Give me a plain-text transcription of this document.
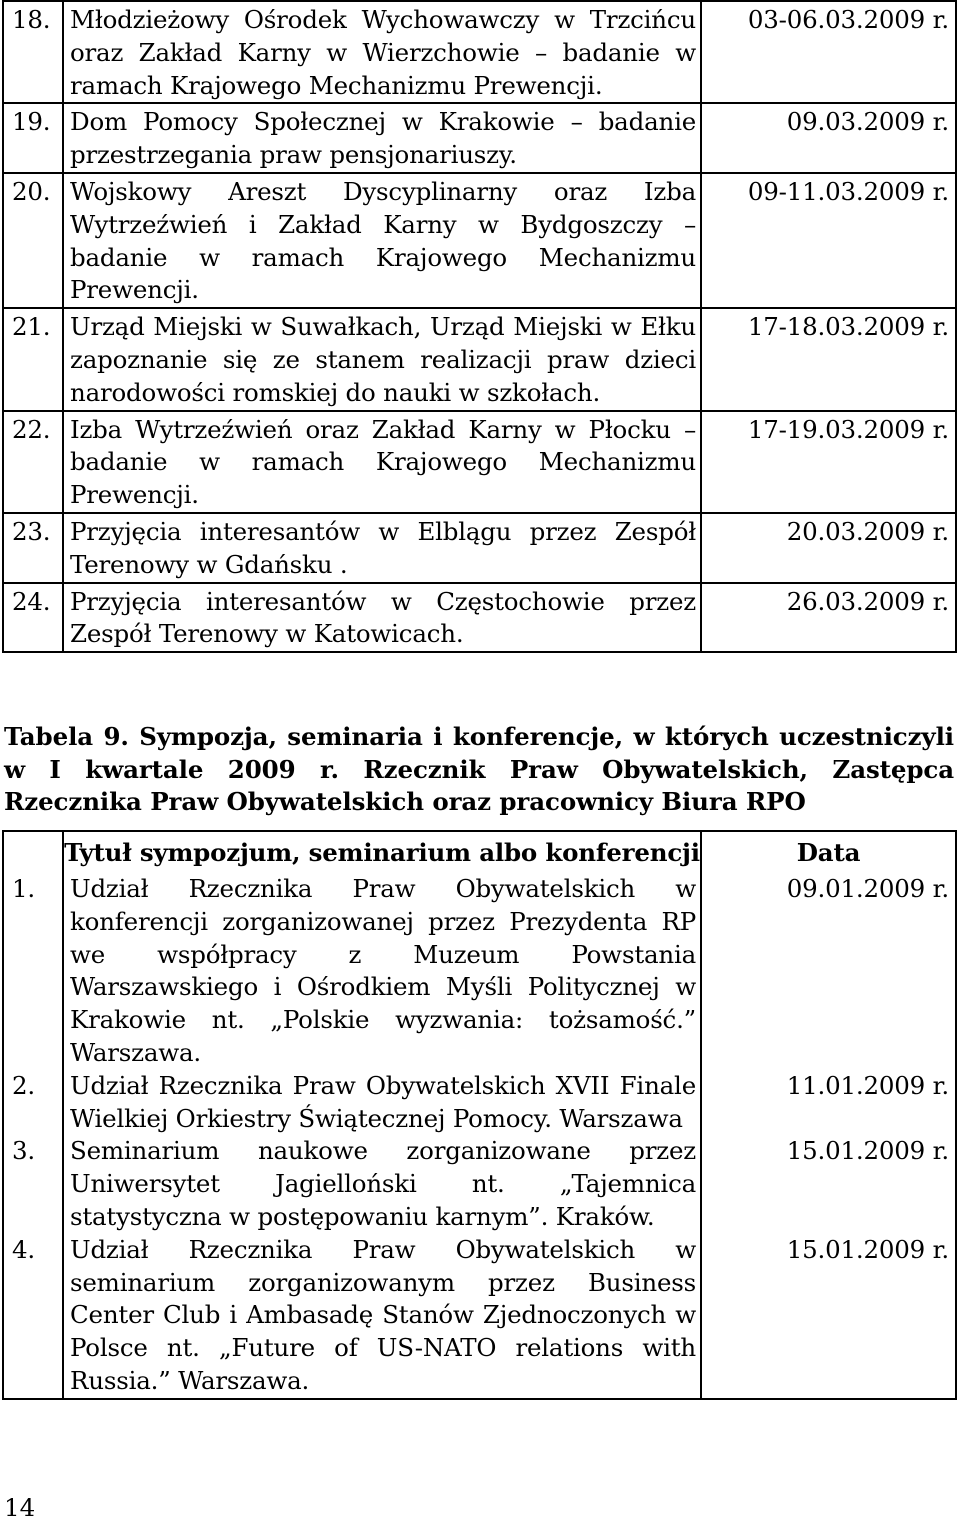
18.	Młodzieżowy Ośrodek Wychowawczy w Trzcińcu oraz Zakład Karny w Wierzchowie – badanie w ramach Krajowego Mechanizmu Prewencji.	03-06.03.2009 r.
19.	Dom Pomocy Społecznej w Krakowie – badanie przestrzegania praw pensjonariuszy.	09.03.2009 r.
20.	Wojskowy Areszt Dyscyplinarny oraz Izba Wytrzeźwień i Zakład Karny w Bydgoszczy – badanie w ramach Krajowego Mechanizmu Prewencji.	09-11.03.2009 r.
21.	Urząd Miejski w Suwałkach, Urząd Miejski w Ełku zapoznanie się ze stanem realizacji praw dzieci narodowości romskiej do nauki w szkołach.	17-18.03.2009 r.
22.	Izba Wytrzeźwień oraz Zakład Karny w Płocku – badanie w ramach Krajowego Mechanizmu Prewencji.	17-19.03.2009 r.
23.	Przyjęcia interesantów w Elblągu przez Zespół Terenowy w Gdańsku .	20.03.2009 r.
24.	Przyjęcia interesantów w Częstochowie przez Zespół Terenowy w Katowicach.	26.03.2009 r.
Tabela 9. Sympozja, seminaria i konferencje, w których uczestniczyli w I kwartale 2009 r. Rzecznik Praw Obywatelskich, Zastępca Rzecznika Praw Obywatelskich oraz pracownicy Biura RPO
	Tytuł sympozjum, seminarium albo konferencji	Data
1.	Udział Rzecznika Praw Obywatelskich w konferencji zorganizowanej przez Prezydenta RP we współpracy z Muzeum Powstania Warszawskiego i Ośrodkiem Myśli Politycznej w Krakowie nt. „Polskie wyzwania: tożsamość.” Warszawa.	09.01.2009 r.
2.	Udział Rzecznika Praw Obywatelskich XVII Finale Wielkiej Orkiestry Świątecznej Pomocy. Warszawa	11.01.2009 r.
3.	Seminarium naukowe zorganizowane przez Uniwersytet Jagielloński nt. „Tajemnica statystyczna w postępowaniu karnym”. Kraków.	15.01.2009 r.
4.	Udział Rzecznika Praw Obywatelskich w seminarium zorganizowanym przez Business Center Club i Ambasadę Stanów Zjednoczonych w Polsce nt. „Future of US-NATO relations with Russia.” Warszawa.	15.01.2009 r.
14
